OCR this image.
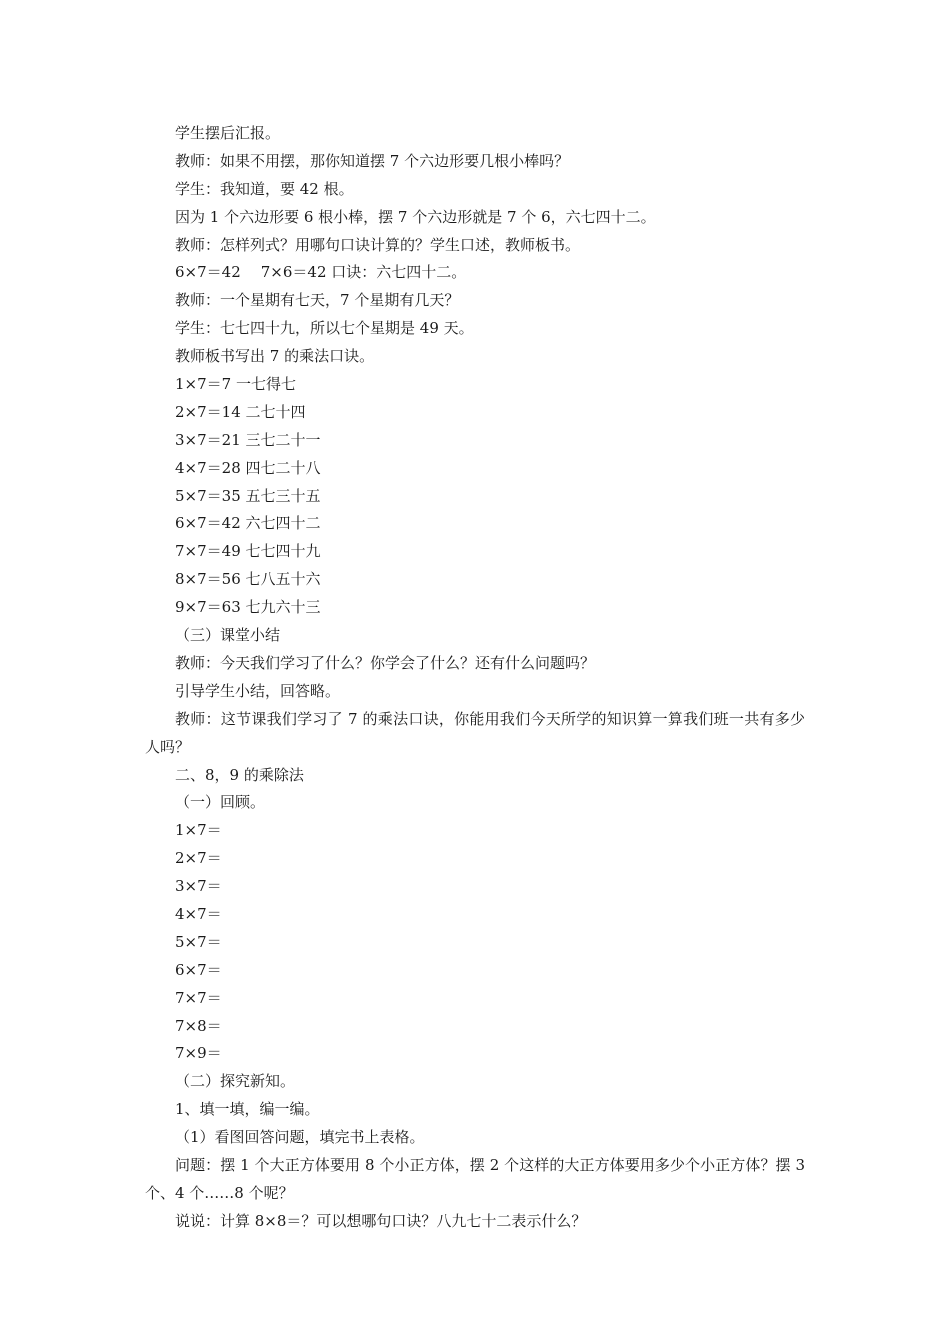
学生摆后汇报。
教师：如果不用摆，那你知道摆 7 个六边形要几根小棒吗？
学生：我知道，要 42 根。
因为 1 个六边形要 6 根小棒，摆 7 个六边形就是 7 个 6，六七四十二。
教师：怎样列式？用哪句口诀计算的？学生口述，教师板书。
6×7＝42 7×6＝42 口诀：六七四十二。
教师：一个星期有七天，7 个星期有几天？
学生：七七四十九，所以七个星期是 49 天。
教师板书写出 7 的乘法口诀。
1×7＝7 一七得七
2×7＝14 二七十四
3×7＝21 三七二十一
4×7＝28 四七二十八
5×7＝35 五七三十五
6×7＝42 六七四十二
7×7＝49 七七四十九
8×7＝56 七八五十六
9×7＝63 七九六十三
（三）课堂小结
教师：今天我们学习了什么？你学会了什么？还有什么问题吗？
引导学生小结，回答略。
教师：这节课我们学习了 7 的乘法口诀，你能用我们今天所学的知识算一算我们班一共有多少人吗？
二、8，9 的乘除法
（一）回顾。
1×7＝
2×7＝
3×7＝
4×7＝
5×7＝
6×7＝
7×7＝
7×8＝
7×9＝
（二）探究新知。
1、填一填，编一编。
（1）看图回答问题，填完书上表格。
问题：摆 1 个大正方体要用 8 个小正方体，摆 2 个这样的大正方体要用多少个小正方体？摆 3 个、4 个……8 个呢？
说说：计算 8×8＝？可以想哪句口诀？八九七十二表示什么？
